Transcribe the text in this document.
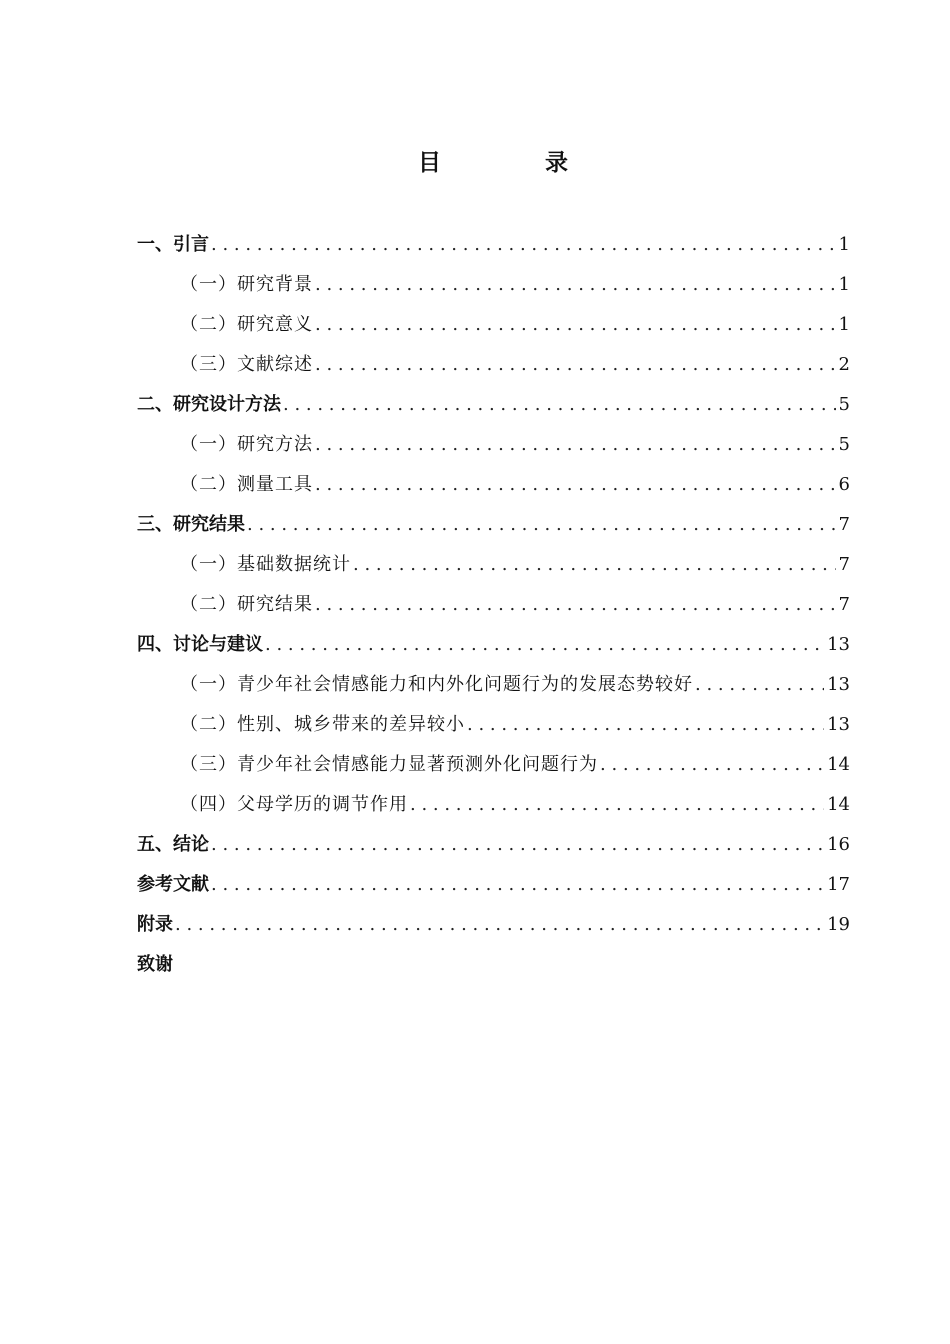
目	录
一、引言 . . .	1
（一）研究背景 . . .	1
（二）研究意义 . . .	1
（三）文献综述 . . .	2
二、研究设计方法 . . .	5
（一）研究方法 . . .	5
（二）测量工具 . . .	6
三、研究结果 . . .	7
（一）基础数据统计 . . .	7
（二）研究结果 . . .	7
四、讨论与建议 . . .	13
（一）青少年社会情感能力和内外化问题行为的发展态势较好 . . .	13
（二）性别、城乡带来的差异较小 . . .	13
（三）青少年社会情感能力显著预测外化问题行为 . . .	14
（四）父母学历的调节作用 . . .	14
五、结论 . . .	16
参考文献 . . .	17
附录 . . .	19
致谢
